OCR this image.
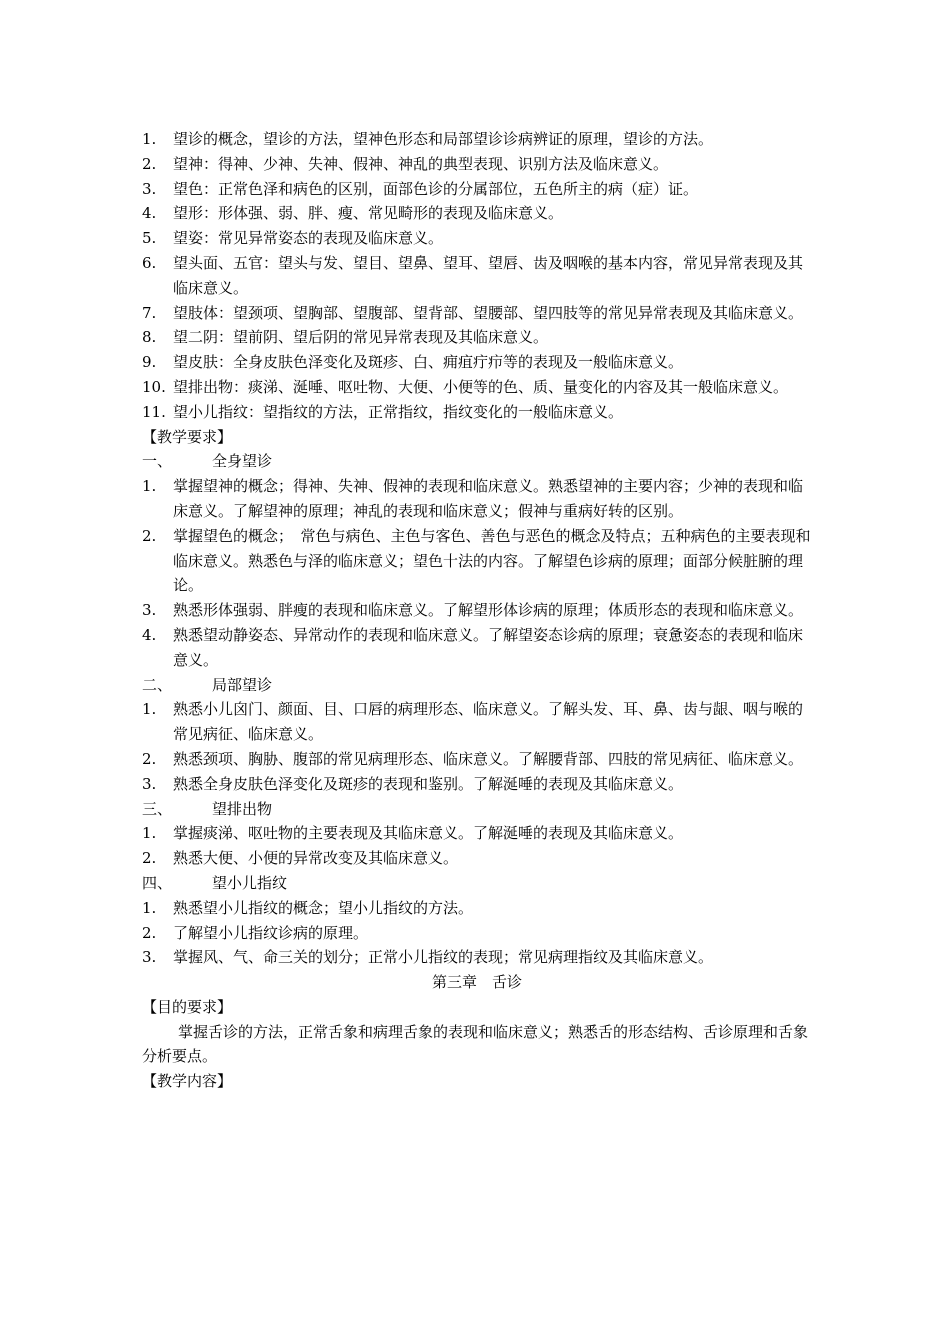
1.	望诊的概念，望诊的方法，望神色形态和局部望诊诊病辨证的原理，望诊的方法。
2.	望神：得神、少神、失神、假神、神乱的典型表现、识别方法及临床意义。
3.	望色：正常色泽和病色的区别，面部色诊的分属部位，五色所主的病（症）证。
4.	望形：形体强、弱、胖、瘦、常见畸形的表现及临床意义。
5.	望姿：常见异常姿态的表现及临床意义。
6.	望头面、五官：望头与发、望目、望鼻、望耳、望唇、齿及咽喉的基本内容，常见异常表现及其临床意义。
7.	望肢体：望颈项、望胸部、望腹部、望背部、望腰部、望四肢等的常见异常表现及其临床意义。
8.	望二阴：望前阴、望后阴的常见异常表现及其临床意义。
9.	望皮肤：全身皮肤色泽变化及斑疹、白、痈疽疔疖等的表现及一般临床意义。
10. 望排出物：痰涕、涎唾、呕吐物、大便、小便等的色、质、量变化的内容及其一般临床意义。
11. 望小儿指纹：望指纹的方法，正常指纹，指纹变化的一般临床意义。
【教学要求】
一、	全身望诊
1.	掌握望神的概念；得神、失神、假神的表现和临床意义。熟悉望神的主要内容；少神的表现和临床意义。了解望神的原理；神乱的表现和临床意义；假神与重病好转的区别。
2.	掌握望色的概念；　常色与病色、主色与客色、善色与恶色的概念及特点；五种病色的主要表现和临床意义。熟悉色与泽的临床意义；望色十法的内容。了解望色诊病的原理；面部分候脏腑的理论。
3.	熟悉形体强弱、胖瘦的表现和临床意义。了解望形体诊病的原理；体质形态的表现和临床意义。
4.	熟悉望动静姿态、异常动作的表现和临床意义。了解望姿态诊病的原理；衰惫姿态的表现和临床意义。
二、	局部望诊
1.	熟悉小儿囟门、颜面、目、口唇的病理形态、临床意义。了解头发、耳、鼻、齿与龈、咽与喉的常见病征、临床意义。
2.	熟悉颈项、胸胁、腹部的常见病理形态、临床意义。了解腰背部、四肢的常见病征、临床意义。
3.	熟悉全身皮肤色泽变化及斑疹的表现和鉴别。了解涎唾的表现及其临床意义。
三、	望排出物
1.	掌握痰涕、呕吐物的主要表现及其临床意义。了解涎唾的表现及其临床意义。
2.	熟悉大便、小便的异常改变及其临床意义。
四、	望小儿指纹
1.	熟悉望小儿指纹的概念；望小儿指纹的方法。
2.	了解望小儿指纹诊病的原理。
3.	掌握风、气、命三关的划分；正常小儿指纹的表现；常见病理指纹及其临床意义。
第三章　舌诊
【目的要求】
掌握舌诊的方法，正常舌象和病理舌象的表现和临床意义；熟悉舌的形态结构、舌诊原理和舌象分析要点。
【教学内容】
